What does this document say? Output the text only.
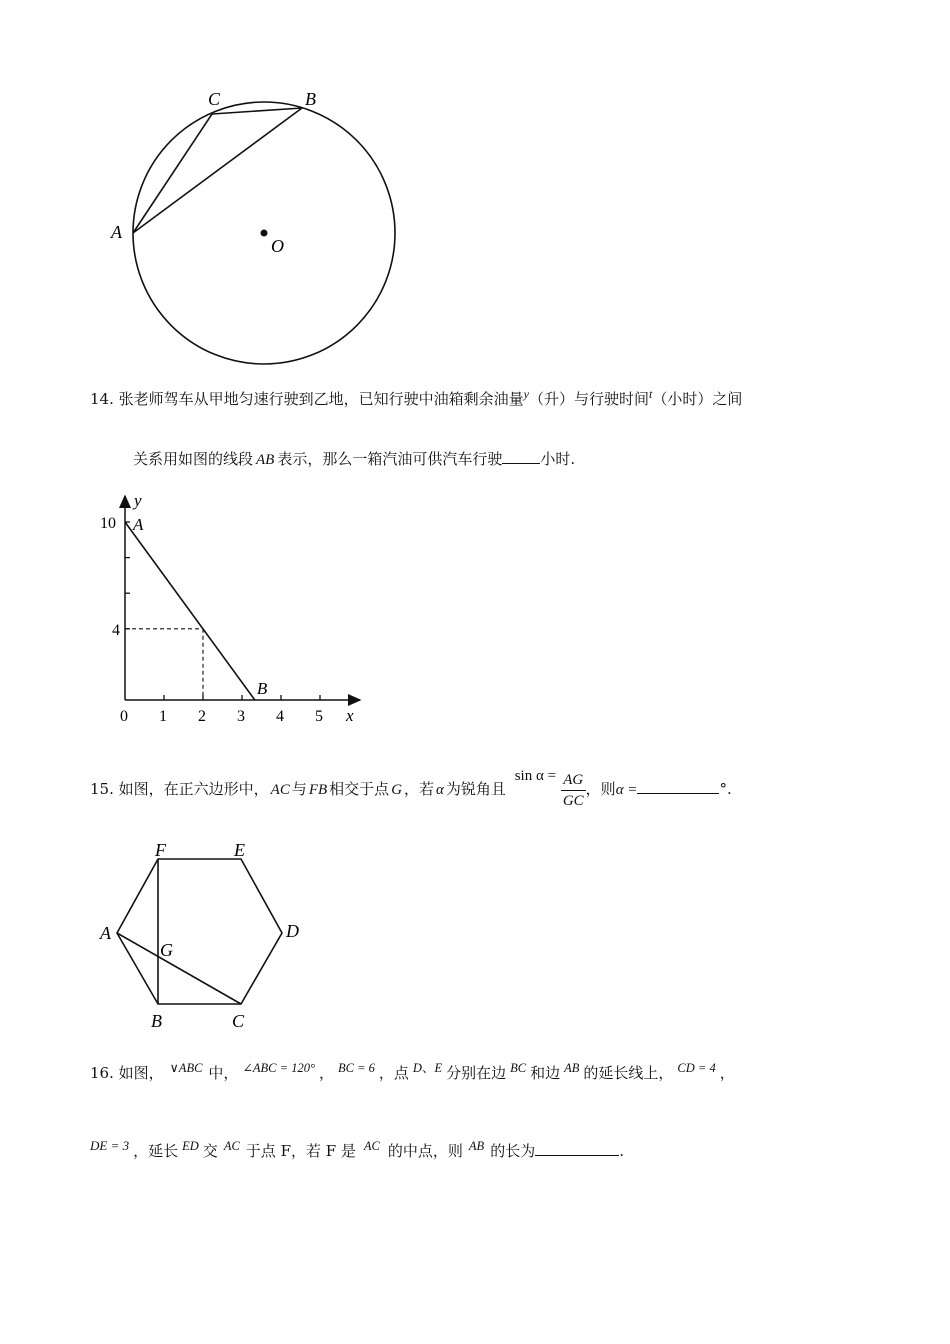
C	B
A
O
14. 张老师驾车从甲地匀速行驶到乙地，已知行驶中油箱剩余油量$^y$（升）与行驶时间$^t$（小时）之间
关系用如图的线段 AB 表示，那么一箱汽油可供汽车行驶	小时.
0 1 2 3 4 5
4
10 A
B
x
y
15. 如图，在正六边形中， AC 与 FB 相交于点 G ，若 α 为锐角且 $\sin \alpha = \frac{AG}{GC}$ ，则α =	°.
F	E
D
A
G
B	C
16. 如图， $^{\vee ABC}$ 中， $^{\angle ABC = 120^\circ}$ ， $^{BC = 6}$ ，点 $^{D、E}$ 分别在边 $^{BC}$ 和边 $^{AB}$ 的延长线上， $^{CD = 4}$ ，
$^{DE = 3}$ ，延长 $^{ED}$ 交 $^{AC}$ 于点 F，若 F 是 $^{AC}$ 的中点，则 $^{AB}$ 的长为	.
